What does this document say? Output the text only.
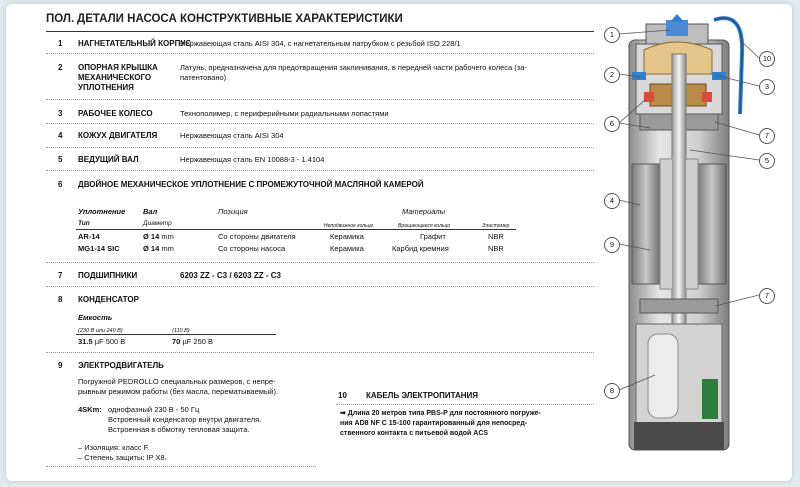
ПОЛ. ДЕТАЛИ НАСОСА КОНСТРУКТИВНЫЕ ХАРАКТЕРИСТИКИ
1 НАГНЕТАТЕЛЬНЫЙ КОРПУС
Нержавеющая сталь AISI 304, с нагнетательным патрубком с резьбой ISO 228/1
2 ОПОРНАЯ КРЫШКА
МЕХАНИЧЕСКОГО
УПЛОТНЕНИЯ
Латунь, предназначена для предотвращения заклинивания, в передней части рабочего колеса (за-
патентовано)
3 РАБОЧЕЕ КОЛЕСО	Технополимер, с периферийными радиальными лопастями
4 КОЖУХ ДВИГАТЕЛЯ	Нержавеющая сталь AISI 304
5 ВЕДУЩИЙ ВАЛ	Нержавеющая сталь EN 10088-3 - 1.4104
6 ДВОЙНОЕ МЕХАНИЧЕСКОЕ УПЛОТНЕНИЕ С ПРОМЕЖУТОЧНОЙ МАСЛЯНОЙ КАМЕРОЙ
Уплотнение Вал	Позиция	Материалы
Тип	Диаметр	Неподвижное кольцо	Вращающееся кольцо	Эластомер
AR-14	Ø 14 mm	Со стороны двигателя	Керамика	Графит	NBR
MG1-14 SIC	Ø 14 mm	Со стороны насоса	Керамика	Карбид кремния	NBR
7 ПОДШИПНИКИ	6203 ZZ - C3 / 6203 ZZ - C3
8 КОНДЕНСАТОР
Емкость
(230 В или 240 В)	(110 В)
31.5 µF 500 В	70 µF 250 В
9 ЭЛЕКТРОДВИГАТЕЛЬ
Погружной PEDROLLO специальных размеров, с непре-
рывным режимом работы (без масла, перематываемый).
4SKm: однофазный 230 В - 50 Гц
Встроенный конденсатор внутри двигателя.
Встроенная в обмотку тепловая защита.
– Изоляция: класс F.
– Степень защиты: IP X8.
10 КАБЕЛЬ ЭЛЕКТРОПИТАНИЯ
➡ Длина 20 метров типа PBS-P для постоянного погруже-
ния AD8 NF C 15-100 гарантированный для непосред-
ственного контакта с питьевой водой ACS
1
2
3
4
5
6
7
7
8
9
10
